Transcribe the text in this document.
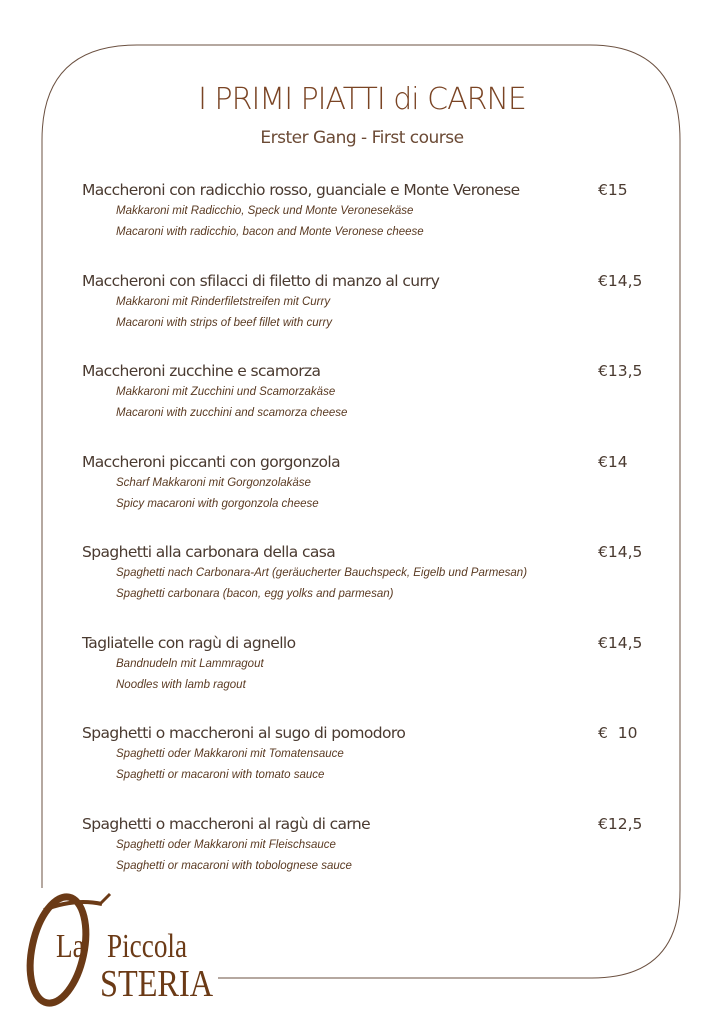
I PRIMI PIATTI di CARNE
Erster Gang - First course
Maccheroni con radicchio rosso, guanciale e Monte Veronese	€15
Makkaroni mit Radicchio, Speck und Monte Veronesekäse
Macaroni with radicchio, bacon and Monte Veronese cheese
Maccheroni con sfilacci di filetto di manzo al curry	€14,5
Makkaroni mit Rinderfiletstreifen mit Curry
Macaroni with strips of beef fillet with curry
Maccheroni zucchine e scamorza	€13,5
Makkaroni mit Zucchini und Scamorzakäse
Macaroni with zucchini and scamorza cheese
Maccheroni piccanti con gorgonzola	€14
Scharf Makkaroni mit Gorgonzolakäse
Spicy macaroni with gorgonzola cheese
Spaghetti alla carbonara della casa	€14,5
Spaghetti nach Carbonara-Art (geräucherter Bauchspeck, Eigelb und Parmesan)
Spaghetti carbonara (bacon, egg yolks and parmesan)
Tagliatelle con ragù di agnello	€14,5
Bandnudeln mit Lammragout
Noodles with lamb ragout
Spaghetti o maccheroni al sugo di pomodoro	€  10
Spaghetti oder Makkaroni mit Tomatensauce
Spaghetti or macaroni with tomato sauce
Spaghetti o maccheroni al ragù di carne	€12,5
Spaghetti oder Makkaroni mit Fleischsauce
Spaghetti or macaroni with tobolognese sauce
La Piccola
STERIA
